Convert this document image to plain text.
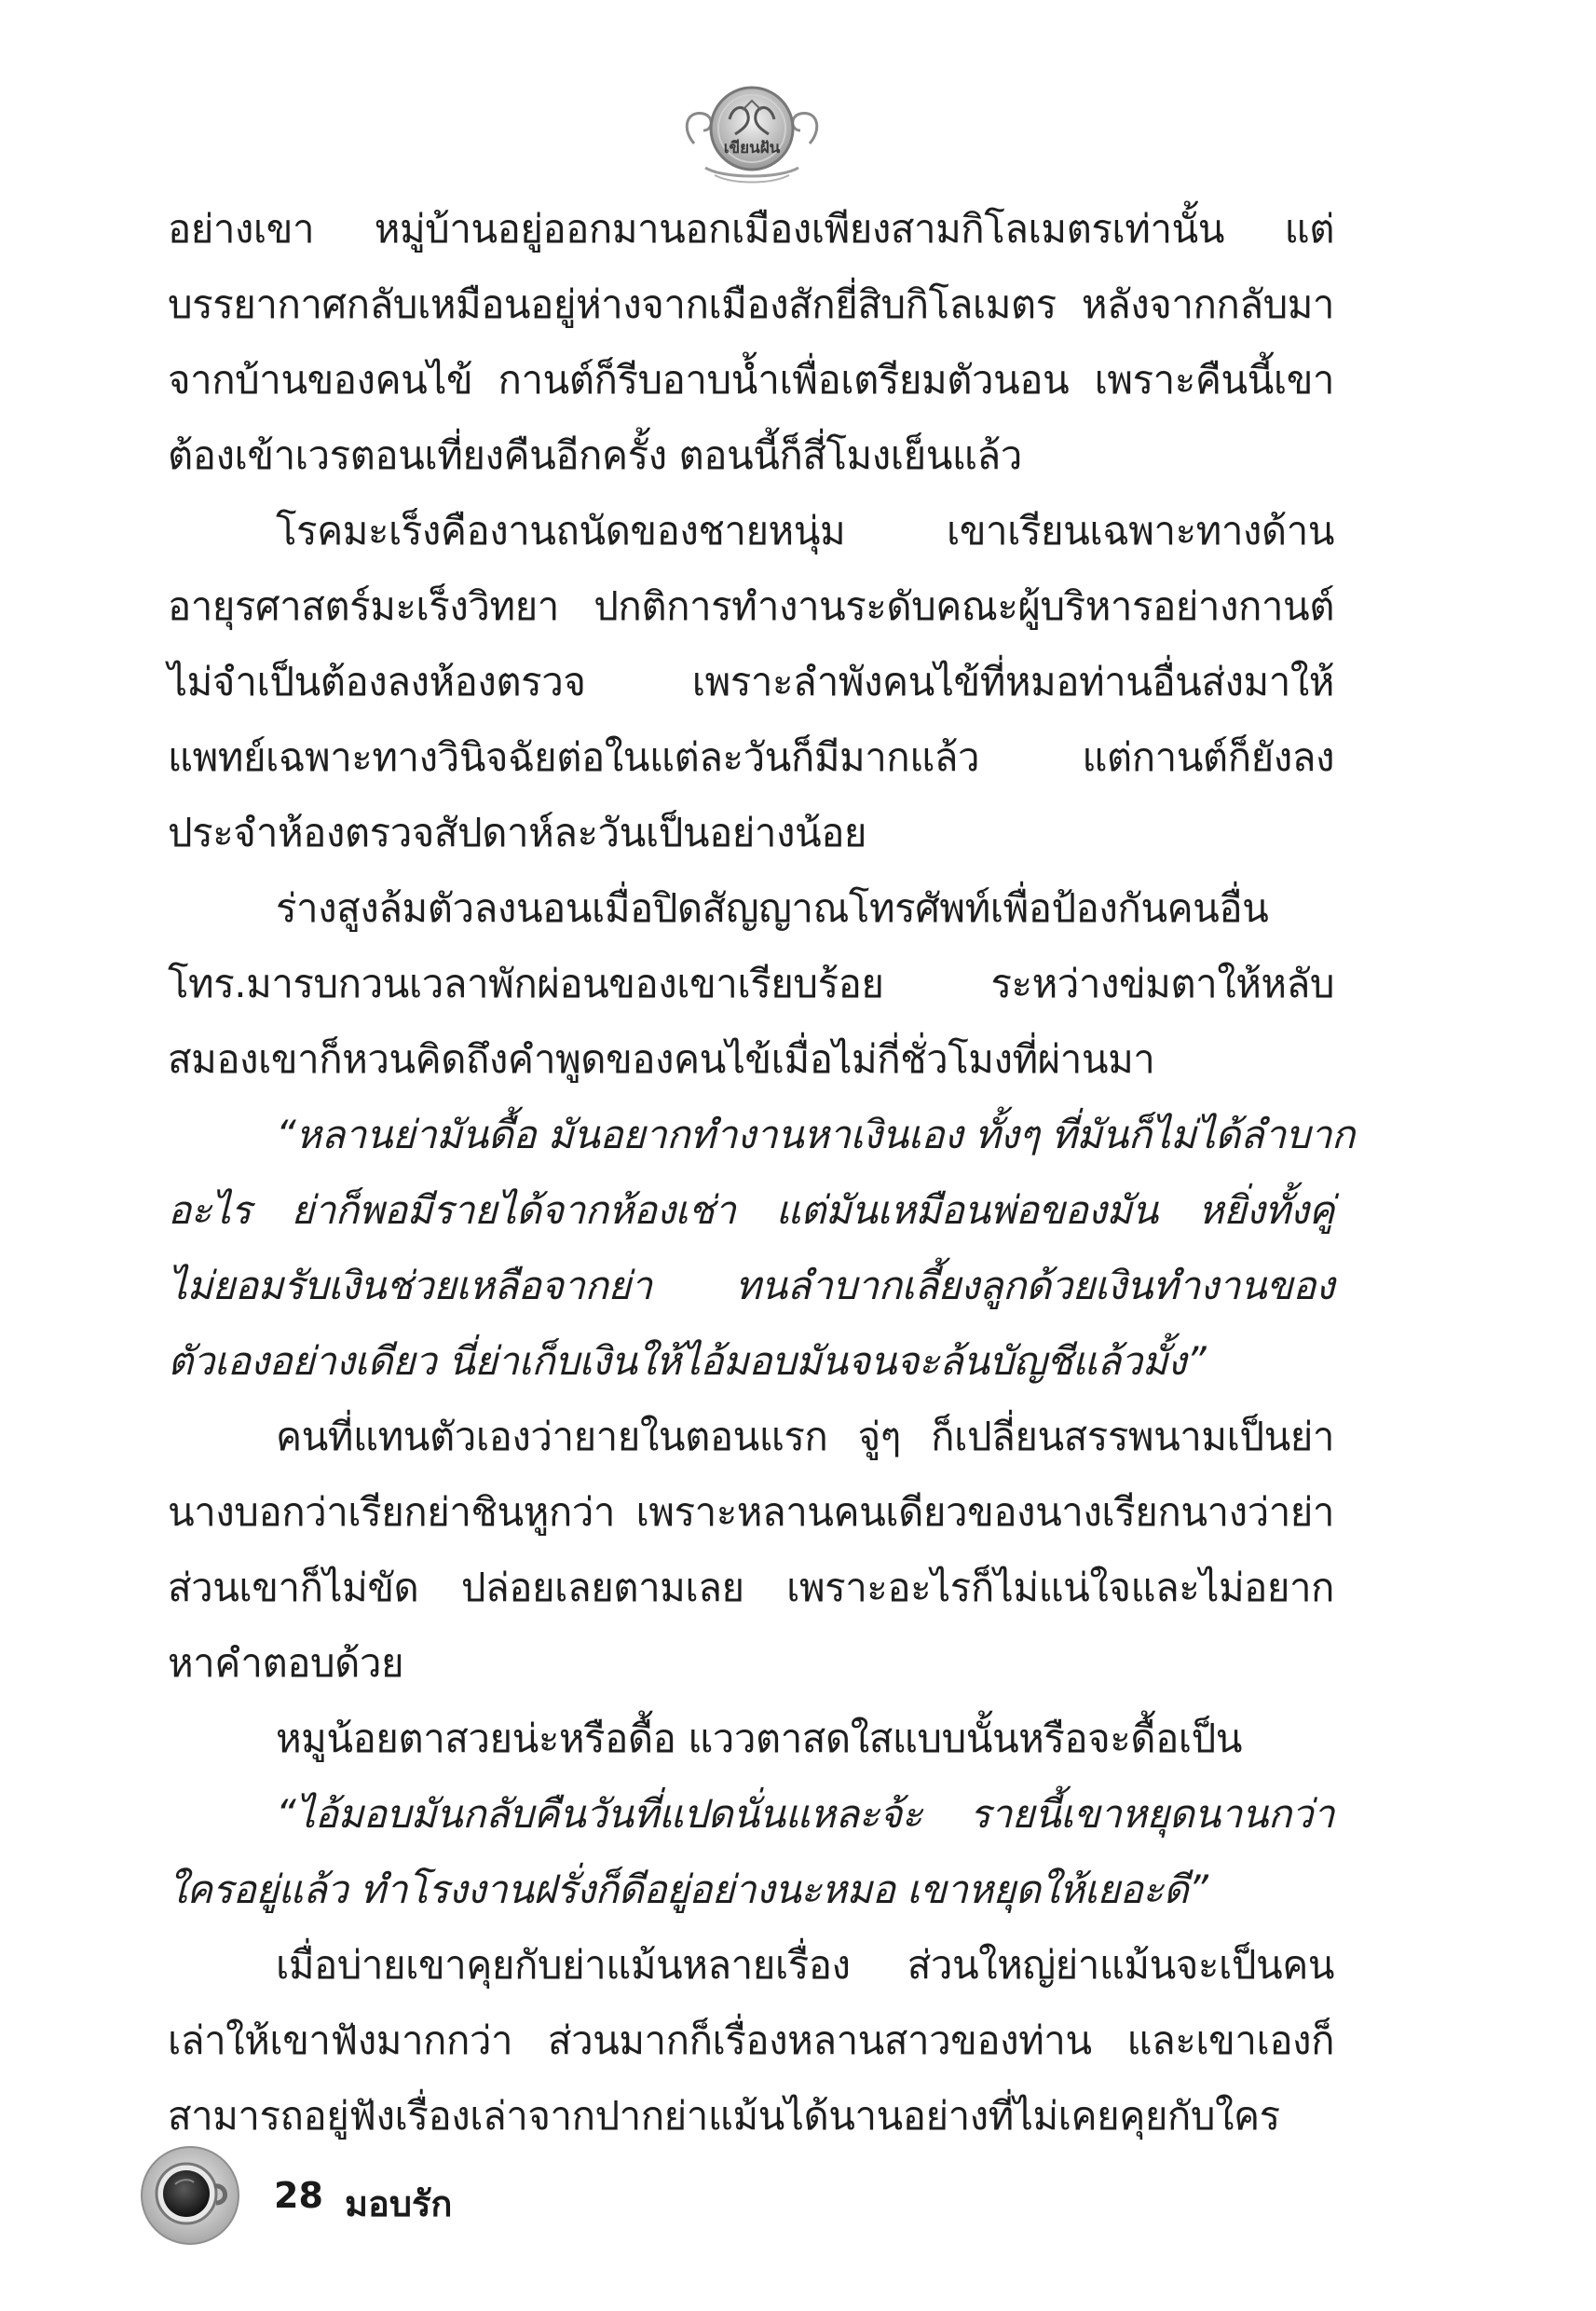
เขียนฝัน
อย่างเขา หมู่บ้านอยู่ออกมานอกเมืองเพียงสามกิโลเมตรเท่านั้น แต่
บรรยากาศกลับเหมือนอยู่ห่างจากเมืองสักยี่สิบกิโลเมตร หลังจากกลับมา
จากบ้านของคนไข้ กานต์ก็รีบอาบน้ำเพื่อเตรียมตัวนอน เพราะคืนนี้เขา
ต้องเข้าเวรตอนเที่ยงคืนอีกครั้ง ตอนนี้ก็สี่โมงเย็นแล้ว
โรคมะเร็งคืองานถนัดของชายหนุ่ม เขาเรียนเฉพาะทางด้าน
อายุรศาสตร์มะเร็งวิทยา ปกติการทำงานระดับคณะผู้บริหารอย่างกานต์
ไม่จำเป็นต้องลงห้องตรวจ เพราะลำพังคนไข้ที่หมอท่านอื่นส่งมาให้
แพทย์เฉพาะทางวินิจฉัยต่อในแต่ละวันก็มีมากแล้ว แต่กานต์ก็ยังลง
ประจำห้องตรวจสัปดาห์ละวันเป็นอย่างน้อย
ร่างสูงล้มตัวลงนอนเมื่อปิดสัญญาณโทรศัพท์เพื่อป้องกันคนอื่น
โทร.มารบกวนเวลาพักผ่อนของเขาเรียบร้อย ระหว่างข่มตาให้หลับ
สมองเขาก็หวนคิดถึงคำพูดของคนไข้เมื่อไม่กี่ชั่วโมงที่ผ่านมา
“หลานย่ามันดื้อ มันอยากทำงานหาเงินเอง ทั้งๆ ที่มันก็ไม่ได้ลำบาก
อะไร ย่าก็พอมีรายได้จากห้องเช่า แต่มันเหมือนพ่อของมัน หยิ่งทั้งคู่
ไม่ยอมรับเงินช่วยเหลือจากย่า ทนลำบากเลี้ยงลูกด้วยเงินทำงานของ
ตัวเองอย่างเดียว นี่ย่าเก็บเงินให้ไอ้มอบมันจนจะล้นบัญชีแล้วมั้ง”
คนที่แทนตัวเองว่ายายในตอนแรก จู่ๆ ก็เปลี่ยนสรรพนามเป็นย่า
นางบอกว่าเรียกย่าชินหูกว่า เพราะหลานคนเดียวของนางเรียกนางว่าย่า
ส่วนเขาก็ไม่ขัด ปล่อยเลยตามเลย เพราะอะไรก็ไม่แน่ใจและไม่อยาก
หาคำตอบด้วย
หมูน้อยตาสวยน่ะหรือดื้อ แววตาสดใสแบบนั้นหรือจะดื้อเป็น
“ไอ้มอบมันกลับคืนวันที่แปดนั่นแหละจ้ะ รายนี้เขาหยุดนานกว่า
ใครอยู่แล้ว ทำโรงงานฝรั่งก็ดีอยู่อย่างนะหมอ เขาหยุดให้เยอะดี”
เมื่อบ่ายเขาคุยกับย่าแม้นหลายเรื่อง ส่วนใหญ่ย่าแม้นจะเป็นคน
เล่าให้เขาฟังมากกว่า ส่วนมากก็เรื่องหลานสาวของท่าน และเขาเองก็
สามารถอยู่ฟังเรื่องเล่าจากปากย่าแม้นได้นานอย่างที่ไม่เคยคุยกับใคร
28 มอบรัก
